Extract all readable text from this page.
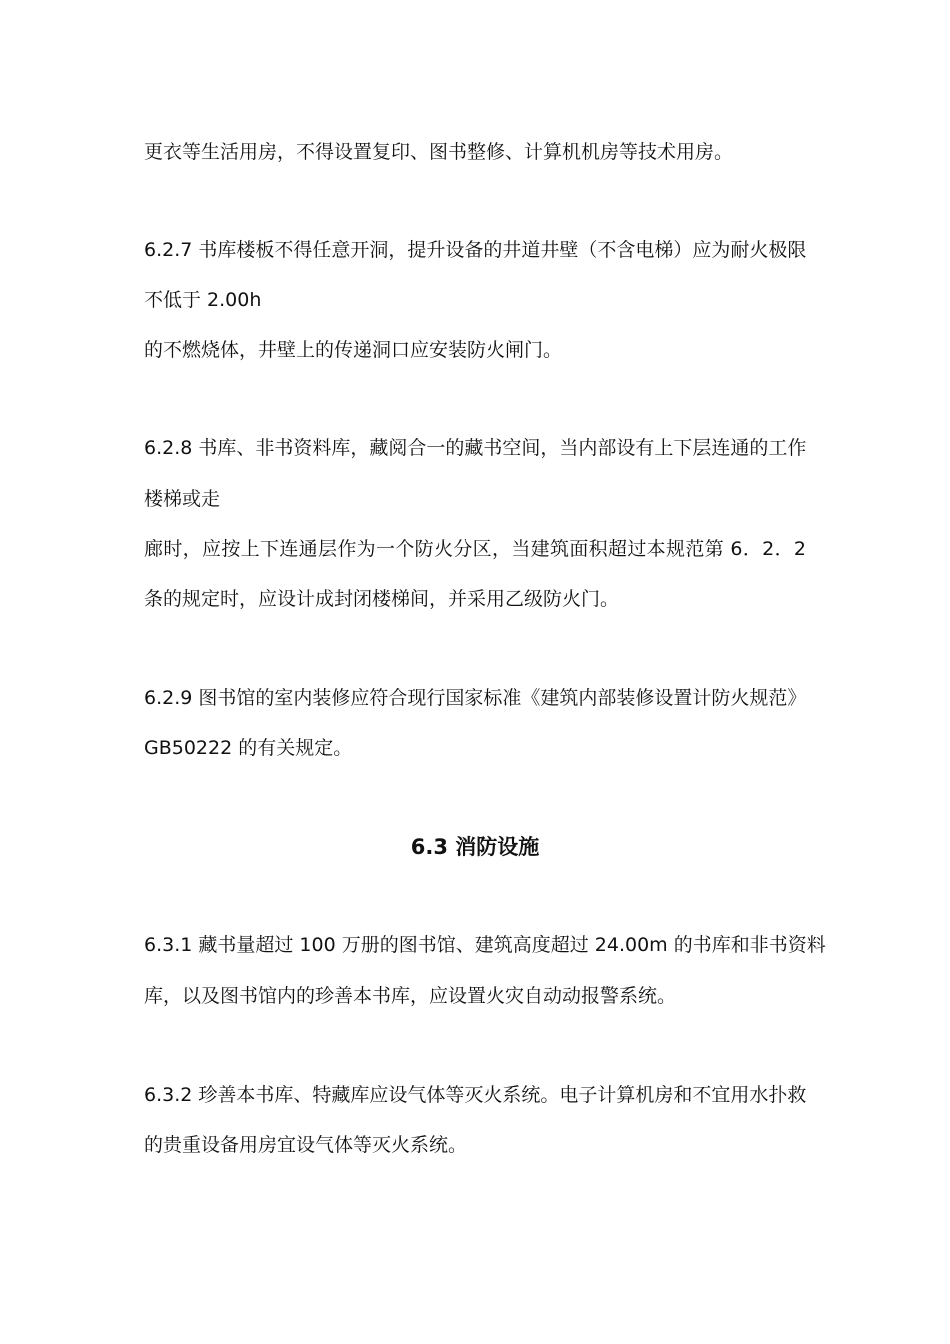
更衣等生活用房，不得设置复印、图书整修、计算机机房等技术用房。
6.2.7 书库楼板不得任意开洞，提升设备的井道井壁（不含电梯）应为耐火极限
不低于 2.00h
的不燃烧体，井壁上的传递洞口应安装防火闸门。
6.2.8 书库、非书资料库，藏阅合一的藏书空间，当内部设有上下层连通的工作
楼梯或走
廊时，应按上下连通层作为一个防火分区，当建筑面积超过本规范第 6．2．2
条的规定时，应设计成封闭楼梯间，并采用乙级防火门。
6.2.9 图书馆的室内装修应符合现行国家标准《建筑内部装修设置计防火规范》
GB50222 的有关规定。
6.3 消防设施
6.3.1 藏书量超过 100 万册的图书馆、建筑高度超过 24.00m 的书库和非书资料
库，以及图书馆内的珍善本书库，应设置火灾自动动报警系统。
6.3.2 珍善本书库、特藏库应设气体等灭火系统。电子计算机房和不宜用水扑救
的贵重设备用房宜设气体等灭火系统。
